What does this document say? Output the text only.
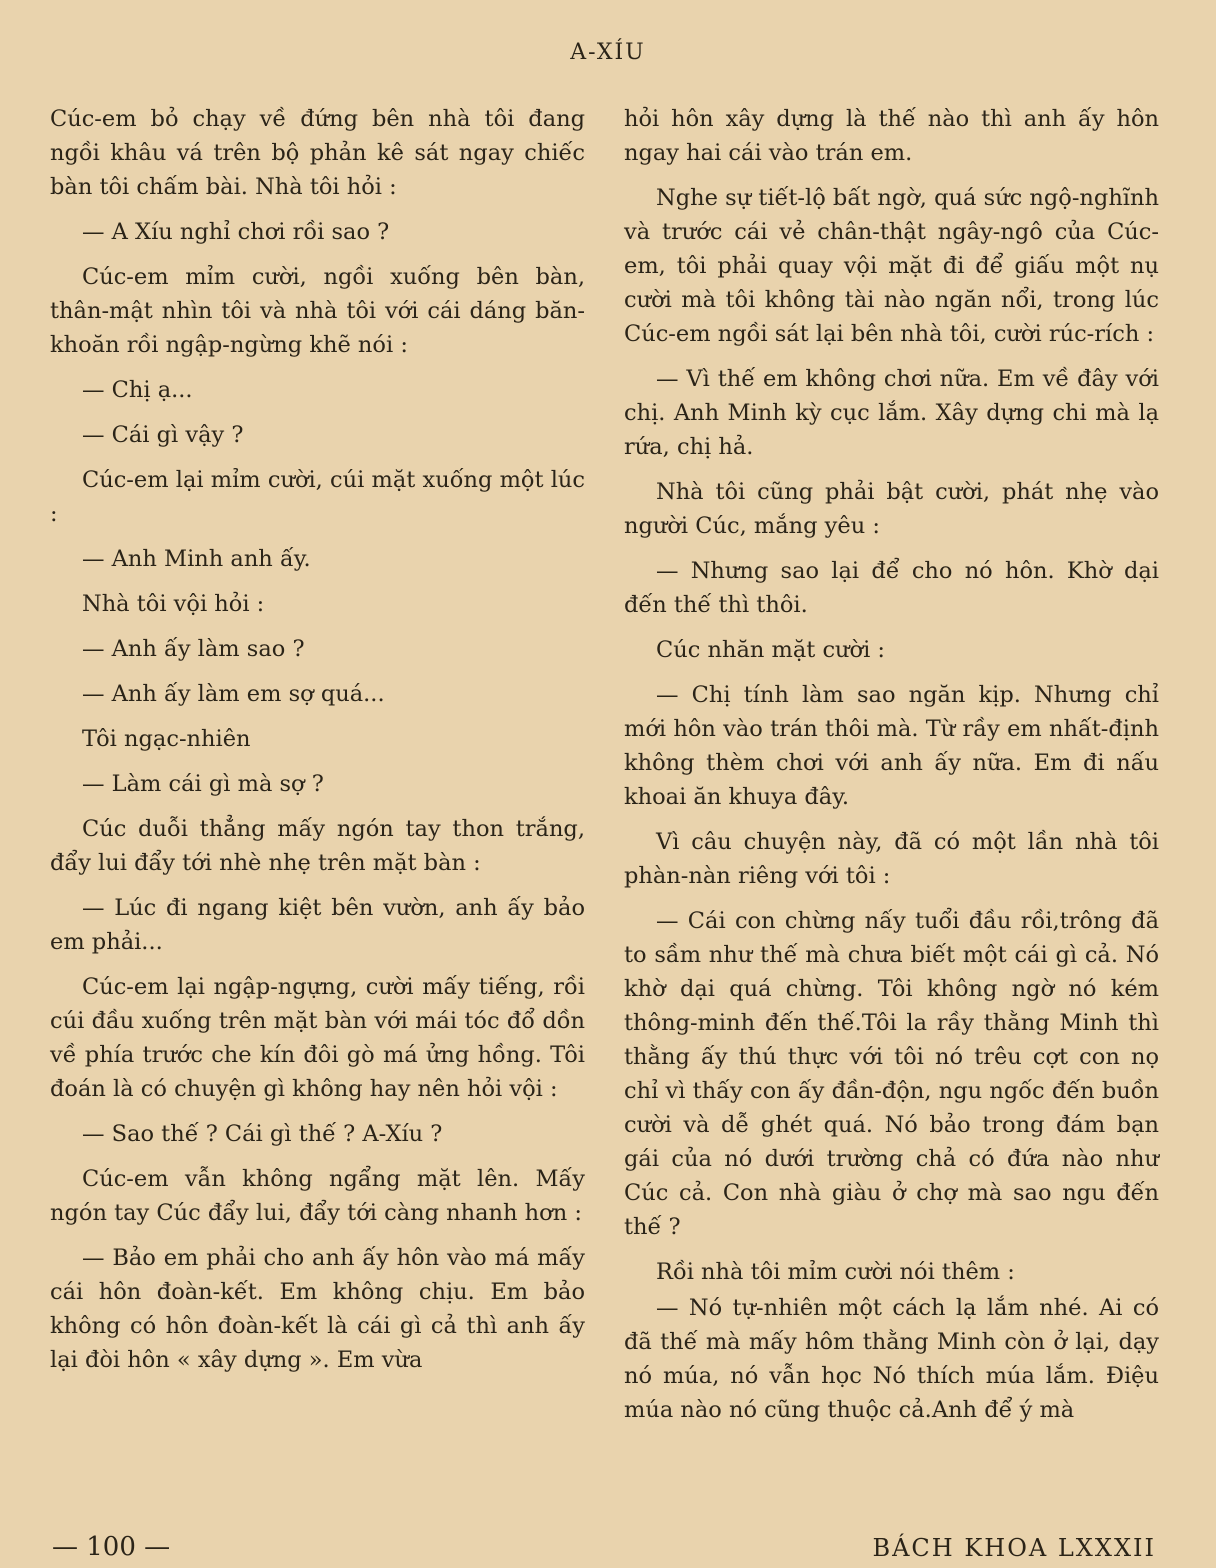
A-XÍU

Cúc-em bỏ chạy về đứng bên nhà tôi đang ngồi khâu vá trên bộ phản kê sát ngay chiếc bàn tôi chấm bài. Nhà tôi hỏi :

— A Xíu nghỉ chơi rồi sao ?

Cúc-em mỉm cười, ngồi xuống bên bàn, thân-mật nhìn tôi và nhà tôi với cái dáng băn-khoăn rồi ngập-ngừng khẽ nói :

— Chị ạ...

— Cái gì vậy ?

Cúc-em lại mỉm cười, cúi mặt xuống một lúc :

— Anh Minh anh ấy.

Nhà tôi vội hỏi :

— Anh ấy làm sao ?

— Anh ấy làm em sợ quá...

Tôi ngạc-nhiên

— Làm cái gì mà sợ ?

Cúc duỗi thẳng mấy ngón tay thon trắng, đẩy lui đẩy tới nhè nhẹ trên mặt bàn :

— Lúc đi ngang kiệt bên vườn, anh ấy bảo em phải...

Cúc-em lại ngập-ngựng, cười mấy tiếng, rồi cúi đầu xuống trên mặt bàn với mái tóc đổ dồn về phía trước che kín đôi gò má ửng hồng. Tôi đoán là có chuyện gì không hay nên hỏi vội :

— Sao thế ? Cái gì thế ? A-Xíu ?

Cúc-em vẫn không ngẩng mặt lên. Mấy ngón tay Cúc đẩy lui, đẩy tới càng nhanh hơn :

— Bảo em phải cho anh ấy hôn vào má mấy cái hôn đoàn-kết. Em không chịu. Em bảo không có hôn đoàn-kết là cái gì cả thì anh ấy lại đòi hôn « xây dựng ». Em vừa

hỏi hôn xây dựng là thế nào thì anh ấy hôn ngay hai cái vào trán em.

Nghe sự tiết-lộ bất ngờ, quá sức ngộ-nghĩnh và trước cái vẻ chân-thật ngây-ngô của Cúc-em, tôi phải quay vội mặt đi để giấu một nụ cười mà tôi không tài nào ngăn nổi, trong lúc Cúc-em ngồi sát lại bên nhà tôi, cười rúc-rích :

— Vì thế em không chơi nữa. Em về đây với chị. Anh Minh kỳ cục lắm. Xây dựng chi mà lạ rứa, chị hả.

Nhà tôi cũng phải bật cười, phát nhẹ vào người Cúc, mắng yêu :

— Nhưng sao lại để cho nó hôn. Khờ dại đến thế thì thôi.

Cúc nhăn mặt cười :

— Chị tính làm sao ngăn kịp. Nhưng chỉ mới hôn vào trán thôi mà. Từ rầy em nhất-định không thèm chơi với anh ấy nữa. Em đi nấu khoai ăn khuya đây.

Vì câu chuyện này, đã có một lần nhà tôi phàn-nàn riêng với tôi :

— Cái con chừng nấy tuổi đầu rồi,trông đã to sầm như thế mà chưa biết một cái gì cả. Nó khờ dại quá chừng. Tôi không ngờ nó kém thông-minh đến thế.Tôi la rầy thằng Minh thì thằng ấy thú thực với tôi nó trêu cợt con nọ chỉ vì thấy con ấy đần-độn, ngu ngốc đến buồn cười và dễ ghét quá. Nó bảo trong đám bạn gái của nó dưới trường chả có đứa nào như Cúc cả. Con nhà giàu ở chợ mà sao ngu đến thế ?

Rồi nhà tôi mỉm cười nói thêm :

— Nó tự-nhiên một cách lạ lắm nhé. Ai có đã thế mà mấy hôm thằng Minh còn ở lại, dạy nó múa, nó vẫn học Nó thích múa lắm. Điệu múa nào nó cũng thuộc cả.Anh để ý mà

— 100 —	BÁCH KHOA LXXXII
